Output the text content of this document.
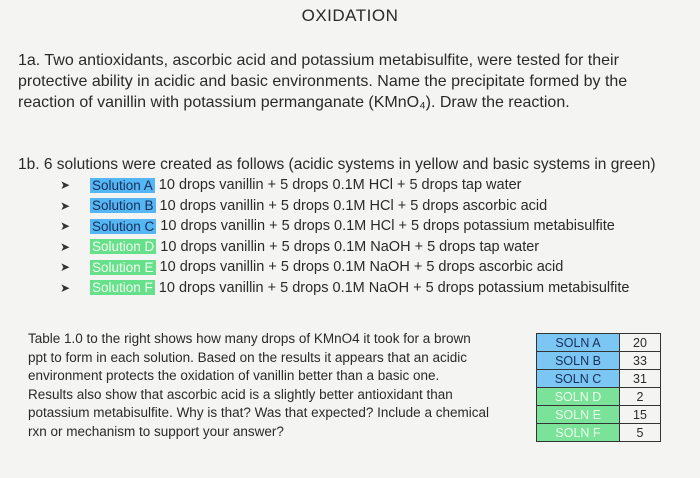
OXIDATION
1a. Two antioxidants, ascorbic acid and potassium metabisulfite, were tested for their
protective ability in acidic and basic environments. Name the precipitate formed by the
reaction of vanillin with potassium permanganate (KMnO₄). Draw the reaction.
1b. 6 solutions were created as follows (acidic systems in yellow and basic systems in green)
➤	Solution A 10 drops vanillin + 5 drops 0.1M HCl + 5 drops tap water
➤	Solution B 10 drops vanillin + 5 drops 0.1M HCl + 5 drops ascorbic acid
➤	Solution C 10 drops vanillin + 5 drops 0.1M HCl + 5 drops potassium metabisulfite
➤	Solution D 10 drops vanillin + 5 drops 0.1M NaOH + 5 drops tap water
➤	Solution E 10 drops vanillin + 5 drops 0.1M NaOH + 5 drops ascorbic acid
➤	Solution F 10 drops vanillin + 5 drops 0.1M NaOH + 5 drops potassium metabisulfite
Table 1.0 to the right shows how many drops of KMnO4 it took for a brown
ppt to form in each solution. Based on the results it appears that an acidic
environment protects the oxidation of vanillin better than a basic one.
Results also show that ascorbic acid is a slightly better antioxidant than
potassium metabisulfite. Why is that? Was that expected? Include a chemical
rxn or mechanism to support your answer?
SOLN A	20
SOLN B	33
SOLN C	31
SOLN D	2
SOLN E	15
SOLN F	5
